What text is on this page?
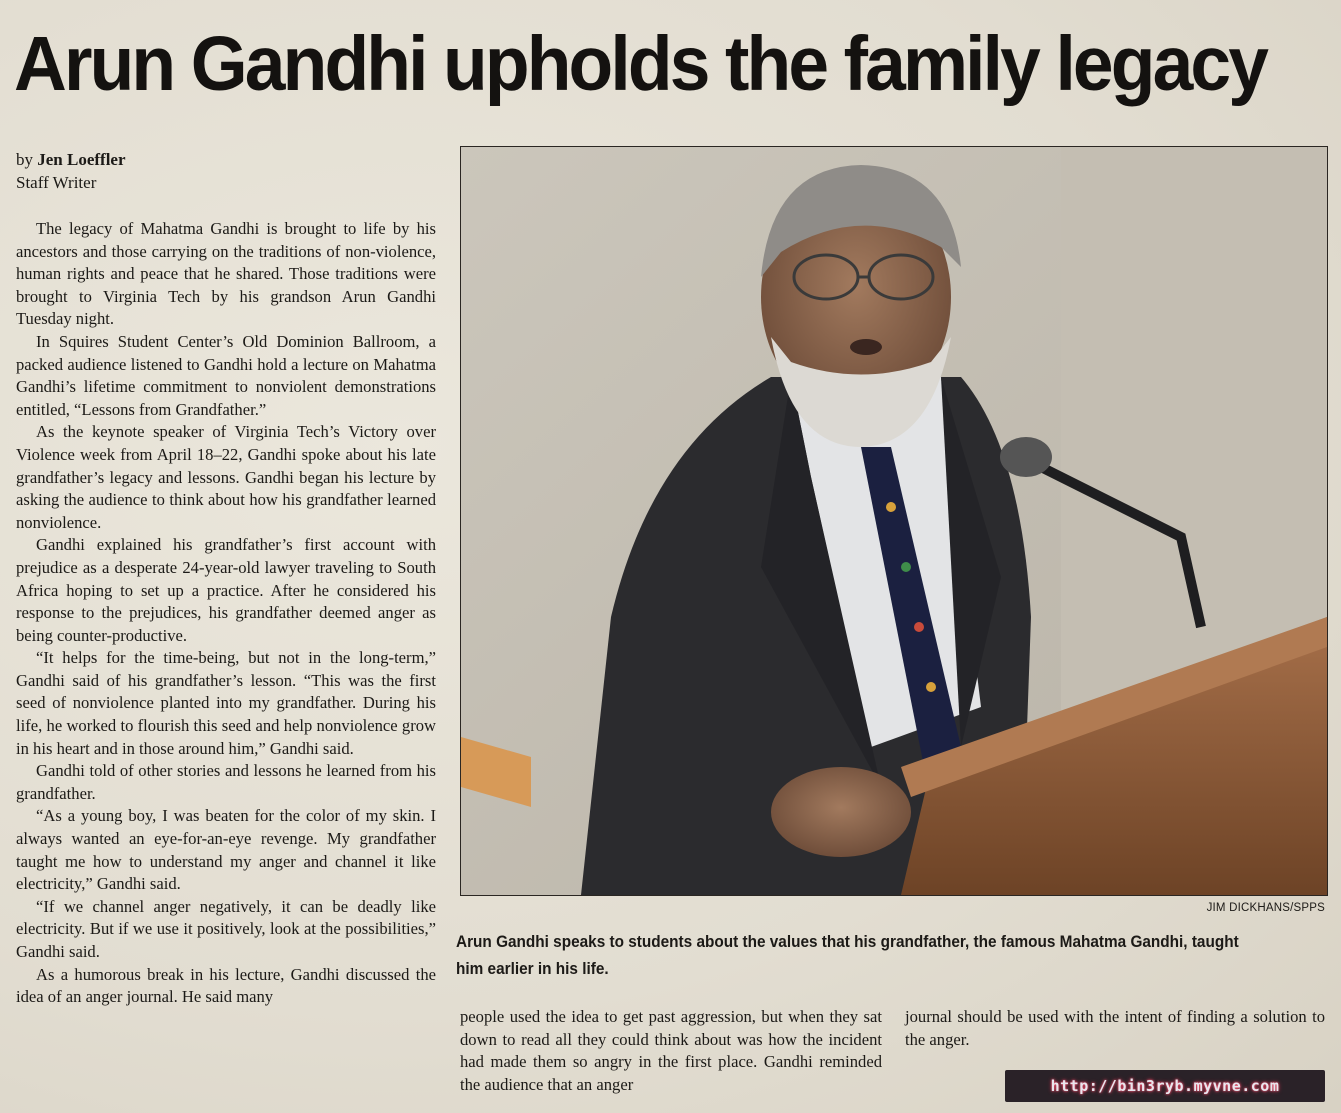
Arun Gandhi upholds the family legacy
by Jen Loeffler
Staff Writer

The legacy of Mahatma Gandhi is brought to life by his ancestors and those carrying on the traditions of non-violence, human rights and peace that he shared. Those traditions were brought to Virginia Tech by his grandson Arun Gandhi Tuesday night.

In Squires Student Center’s Old Dominion Ballroom, a packed audience listened to Gandhi hold a lecture on Mahatma Gandhi’s lifetime commitment to nonviolent demonstrations entitled, “Lessons from Grandfather.”

As the keynote speaker of Virginia Tech’s Victory over Violence week from April 18–22, Gandhi spoke about his late grandfather’s legacy and lessons. Gandhi began his lecture by asking the audience to think about how his grandfather learned nonviolence.

Gandhi explained his grandfather’s first account with prejudice as a desperate 24-year-old lawyer traveling to South Africa hoping to set up a practice. After he considered his response to the prejudices, his grandfather deemed anger as being counter-productive.

“It helps for the time-being, but not in the long-term,” Gandhi said of his grandfather’s lesson. “This was the first seed of nonviolence planted into my grandfather. During his life, he worked to flourish this seed and help nonviolence grow in his heart and in those around him,” Gandhi said.

Gandhi told of other stories and lessons he learned from his grandfather.

“As a young boy, I was beaten for the color of my skin. I always wanted an eye-for-an-eye revenge. My grandfather taught me how to understand my anger and channel it like electricity,” Gandhi said.

“If we channel anger negatively, it can be deadly like electricity. But if we use it positively, look at the possibilities,” Gandhi said.

As a humorous break in his lecture, Gandhi discussed the idea of an anger journal. He said many

JIM DICKHANS/SPPS
Arun Gandhi speaks to students about the values that his grandfather, the famous Mahatma Gandhi, taught him earlier in his life.
people used the idea to get past aggression, but when they sat down to read all they could think about was how the incident had made them so angry in the first place. Gandhi reminded the audience that an anger
journal should be used with the intent of finding a solution to the anger.
http://bin3ryb.myvne.com
